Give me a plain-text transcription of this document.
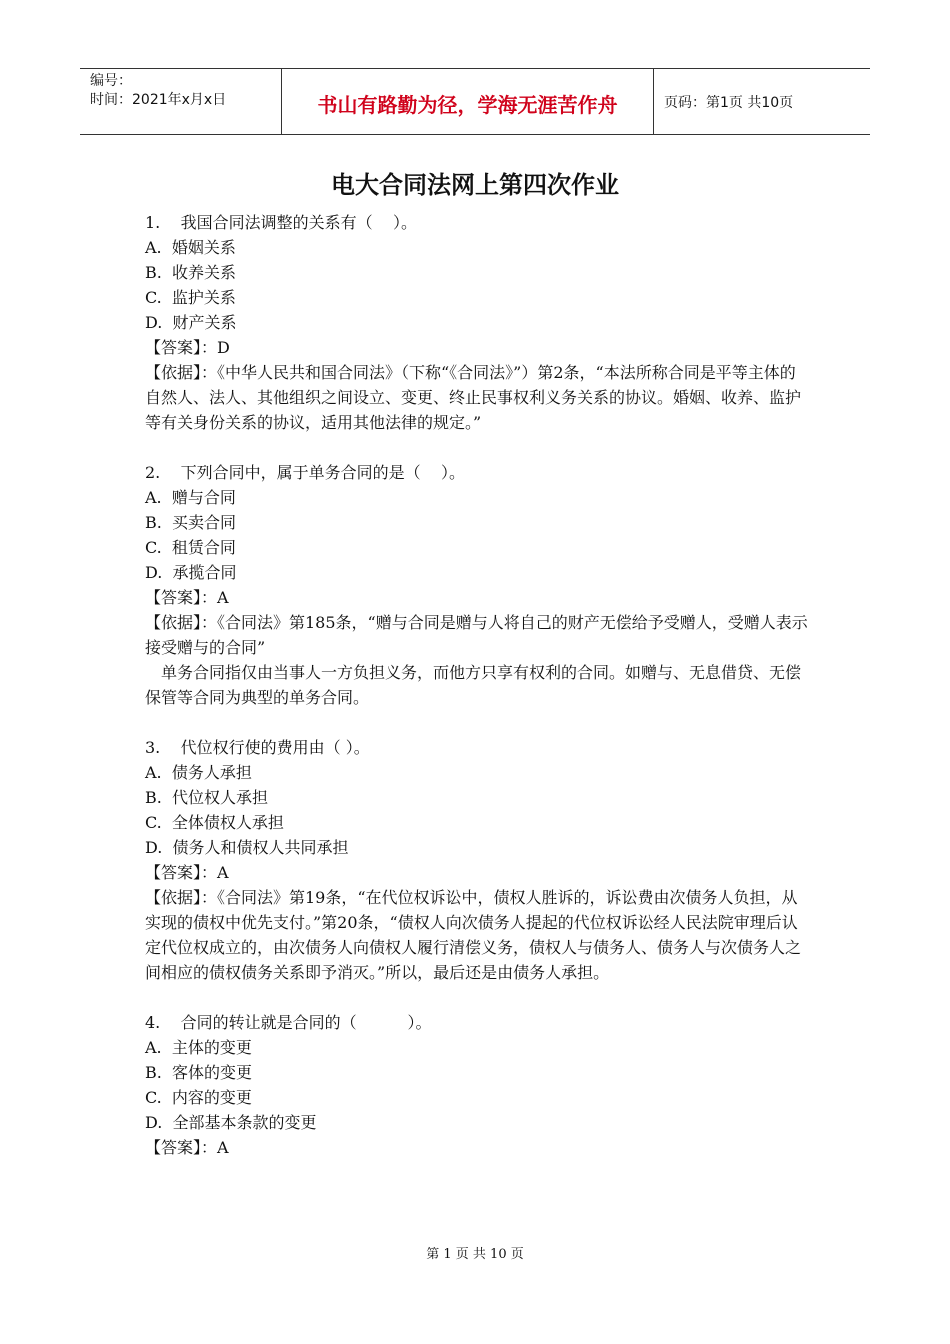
编号：
时间：2021年x月x日	书山有路勤为径，学海无涯苦作舟	页码：第1页 共10页
电大合同法网上第四次作业

1.    我国合同法调整的关系有（    ）。

A.  婚姻关系

B.  收养关系

C.  监护关系

D.  财产关系

【答案】：D

【依据】：《中华人民共和国合同法》（下称“《合同法》”）第2条，“本法所称合同是平等主体的自然人、法人、其他组织之间设立、变更、终止民事权利义务关系的协议。婚姻、收养、监护等有关身份关系的协议，适用其他法律的规定。”

2.    下列合同中，属于单务合同的是（    ）。

A.  赠与合同

B.  买卖合同

C.  租赁合同

D.  承揽合同

【答案】：A

【依据】：《合同法》第185条，“赠与合同是赠与人将自己的财产无偿给予受赠人，受赠人表示接受赠与的合同”

单务合同指仅由当事人一方负担义务，而他方只享有权利的合同。如赠与、无息借贷、无偿保管等合同为典型的单务合同。

3.    代位权行使的费用由（ ）。

A.  债务人承担

B.  代位权人承担

C.  全体债权人承担

D.  债务人和债权人共同承担

【答案】：A

【依据】：《合同法》第19条，“在代位权诉讼中，债权人胜诉的，诉讼费由次债务人负担，从实现的债权中优先支付。”第20条，“债权人向次债务人提起的代位权诉讼经人民法院审理后认定代位权成立的，由次债务人向债权人履行清偿义务，债权人与债务人、债务人与次债务人之间相应的债权债务关系即予消灭。”所以，最后还是由债务人承担。

4.    合同的转让就是合同的（          ）。

A.  主体的变更

B.  客体的变更

C.  内容的变更

D.  全部基本条款的变更

【答案】：A

第 1 页 共 10 页
